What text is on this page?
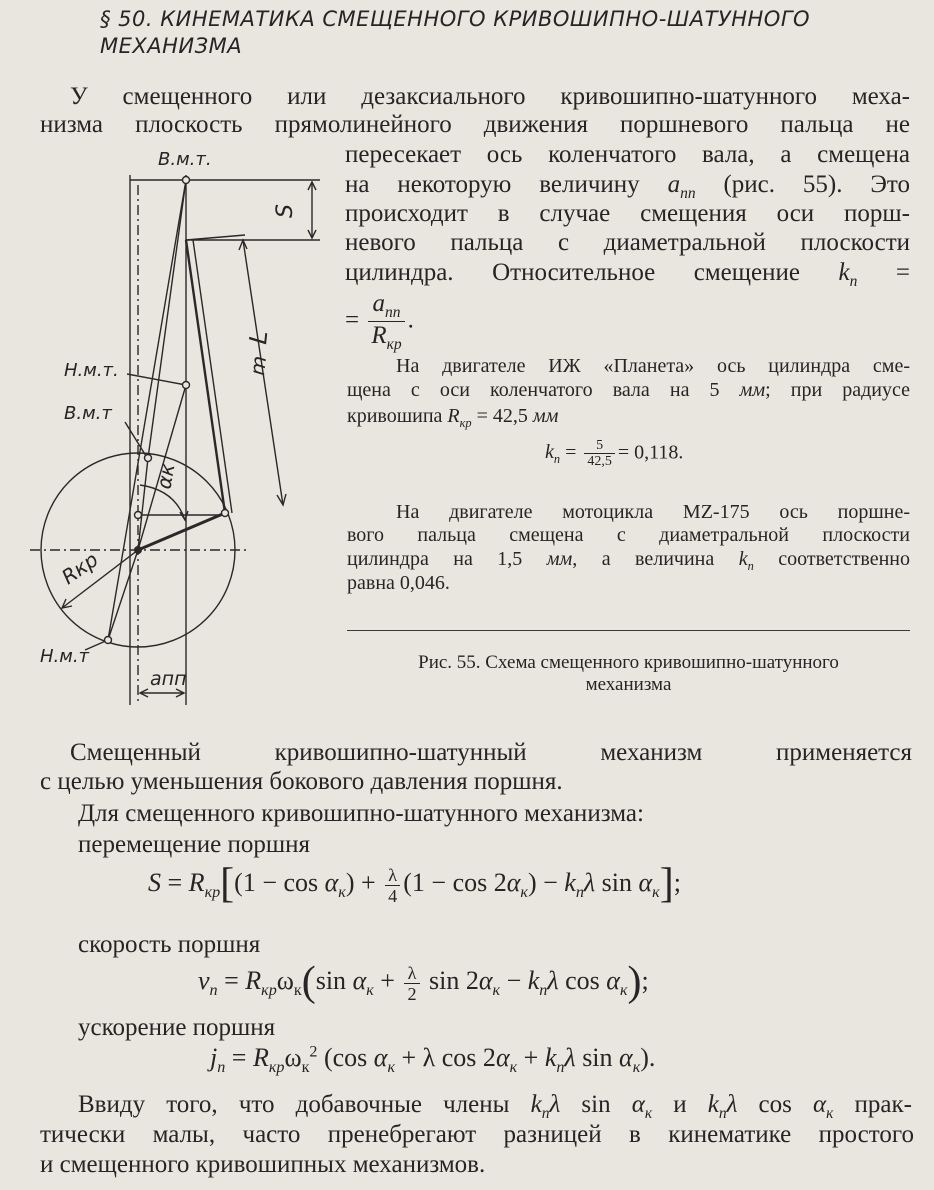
§ 50. КИНЕМАТИКА СМЕЩЕННОГО КРИВОШИПНО-ШАТУННОГО
МЕХАНИЗМА
У смещенного или дезаксиального кривошипно-шатунного меха-
низма плоскость прямолинейного движения поршневого пальца не
пересекает ось коленчатого вала, а смещена
на некоторую величину $a_{пп}$ (рис. 55). Это
происходит в случае смещения оси порш-
невого пальца с диаметральной плоскости
цилиндра. Относительное смещение $k_п$ =
= $\frac{a_{пп}}{R_{кр}}$ .
На двигателе ИЖ «Планета» ось цилиндра сме-
щена с оси коленчатого вала на 5 мм; при радиусе
кривошипа $R_{кр} = 42,5$ мм
$k_п = \frac{5}{42,5} = 0,118$.
На двигателе мотоцикла MZ-175 ось поршне-
вого пальца смещена с диаметральной плоскости
цилиндра на 1,5 мм, а величина $k_п$ соответственно
равна 0,046.
Рис. 55. Схема смещенного кривошипно-шатунного
механизма
В.м.т.
S
L
m
Н.м.т.
В.м.т
αк
Rкр
Н.м.т
aпп
Смещенный кривошипно-шатунный механизм применяется
с целью уменьшения бокового давления поршня.
Для смещенного кривошипно-шатунного механизма:
перемещение поршня
$S = R_{кр}[(1 - \cos \alpha_к) + \frac{\lambda}{4} (1 - \cos 2\alpha_к) - k_п\lambda$ $\sin \alpha_к$];
скорость поршня
$v_п = R_{кр}\omega_к(\sin$ $\alpha_к + \frac{\lambda}{2}$ $\sin 2\alpha_к - k_п\lambda$ $\cos \alpha_к$);
ускорение поршня
$j_п = R_{кр}\omega_к^2$ (cos $\alpha_к + \lambda$ $\cos 2\alpha_к + k_п\lambda$ $\sin \alpha_к$).
Ввиду того, что добавочные члены $k_п\lambda$ $\sin \alpha_к$ и $k_п\lambda$ $\cos \alpha_к$ прак-
тически малы, часто пренебрегают разницей в кинематике простого
и смещенного кривошипных механизмов.
